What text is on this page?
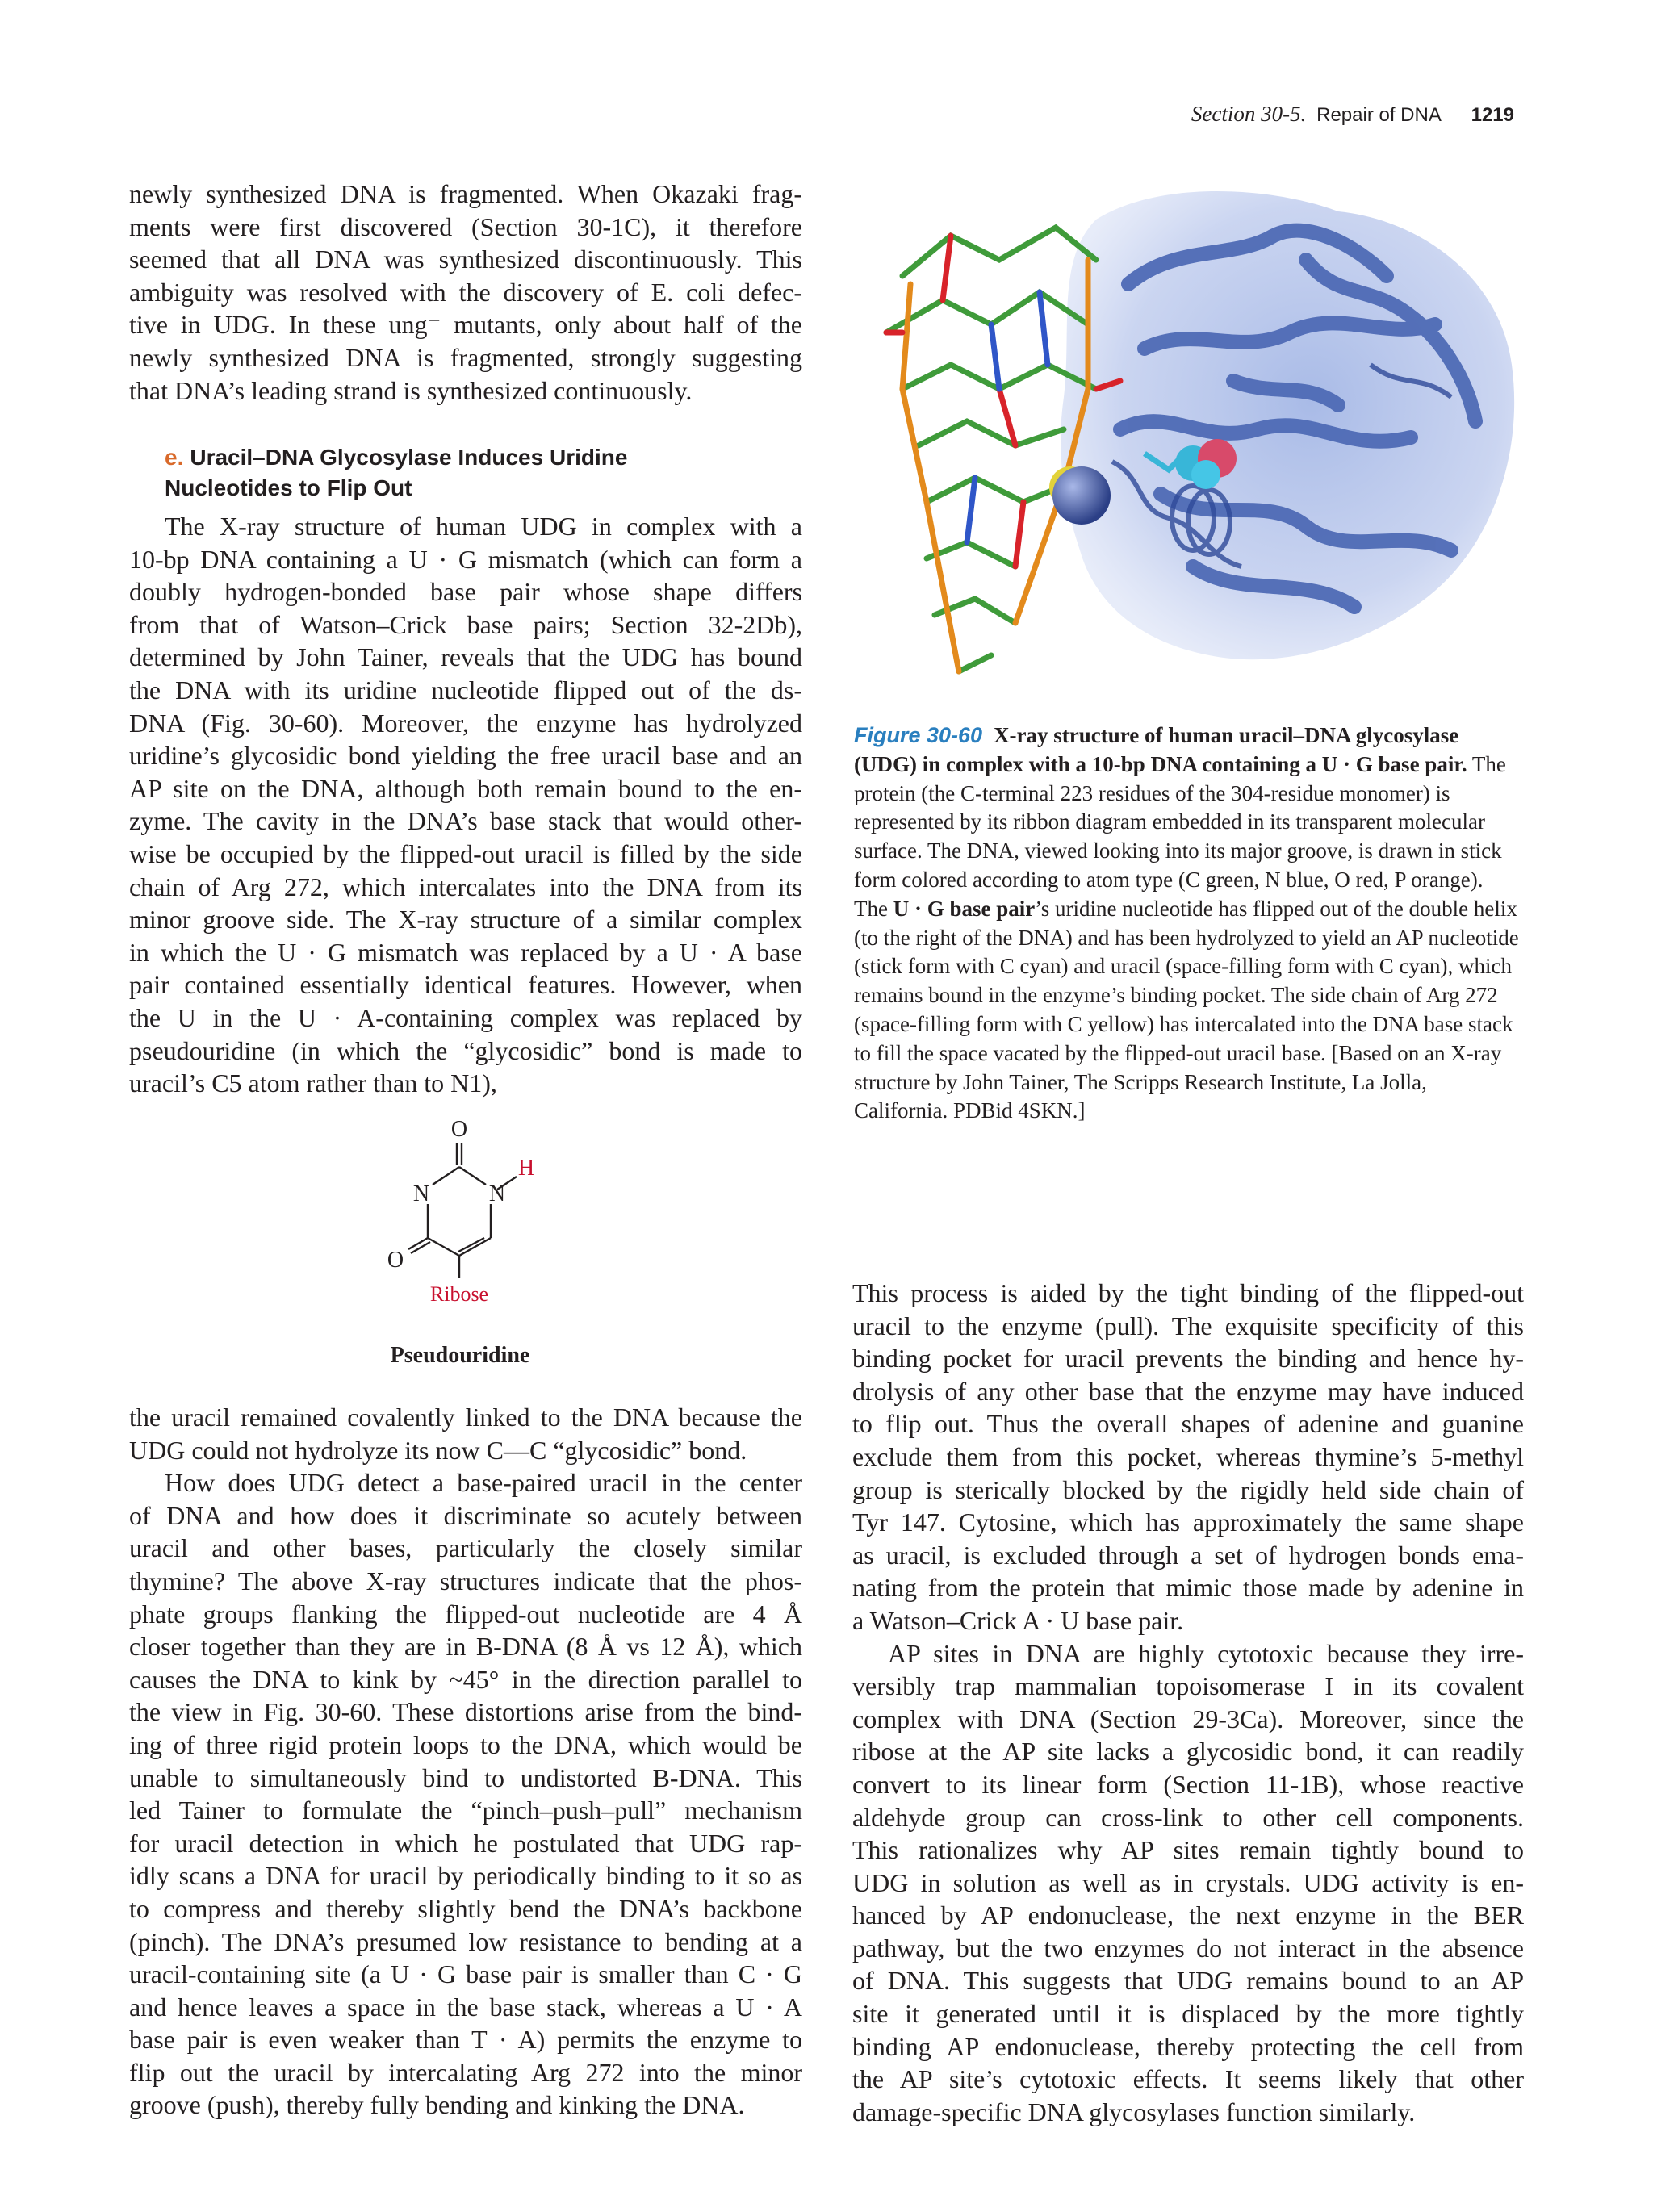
Section 30-5. Repair of DNA 1219
newly synthesized DNA is fragmented. When Okazaki frag-
ments were first discovered (Section 30-1C), it therefore
seemed that all DNA was synthesized discontinuously. This
ambiguity was resolved with the discovery of E. coli defec-
tive in UDG. In these ung⁻ mutants, only about half of the
newly synthesized DNA is fragmented, strongly suggesting
that DNA’s leading strand is synthesized continuously.
e. Uracil–DNA Glycosylase Induces Uridine
Nucleotides to Flip Out
The X-ray structure of human UDG in complex with a
10-bp DNA containing a U · G mismatch (which can form a
doubly hydrogen-bonded base pair whose shape differs
from that of Watson–Crick base pairs; Section 32-2Db),
determined by John Tainer, reveals that the UDG has bound
the DNA with its uridine nucleotide flipped out of the ds-
DNA (Fig. 30-60). Moreover, the enzyme has hydrolyzed
uridine’s glycosidic bond yielding the free uracil base and an
AP site on the DNA, although both remain bound to the en-
zyme. The cavity in the DNA’s base stack that would other-
wise be occupied by the flipped-out uracil is filled by the side
chain of Arg 272, which intercalates into the DNA from its
minor groove side. The X-ray structure of a similar complex
in which the U · G mismatch was replaced by a U · A base
pair contained essentially identical features. However, when
the U in the U · A-containing complex was replaced by
pseudouridine (in which the “glycosidic” bond is made to
uracil’s C5 atom rather than to N1),
O
N	N
H
O
Ribose
Pseudouridine
the uracil remained covalently linked to the DNA because the
UDG could not hydrolyze its now C—C “glycosidic” bond.
How does UDG detect a base-paired uracil in the center
of DNA and how does it discriminate so acutely between
uracil and other bases, particularly the closely similar
thymine? The above X-ray structures indicate that the phos-
phate groups flanking the flipped-out nucleotide are 4 Å
closer together than they are in B-DNA (8 Å vs 12 Å), which
causes the DNA to kink by ~45° in the direction parallel to
the view in Fig. 30-60. These distortions arise from the bind-
ing of three rigid protein loops to the DNA, which would be
unable to simultaneously bind to undistorted B-DNA. This
led Tainer to formulate the “pinch–push–pull” mechanism
for uracil detection in which he postulated that UDG rap-
idly scans a DNA for uracil by periodically binding to it so as
to compress and thereby slightly bend the DNA’s backbone
(pinch). The DNA’s presumed low resistance to bending at a
uracil-containing site (a U · G base pair is smaller than C · G
and hence leaves a space in the base stack, whereas a U · A
base pair is even weaker than T · A) permits the enzyme to
flip out the uracil by intercalating Arg 272 into the minor
groove (push), thereby fully bending and kinking the DNA.
Figure 30-60 X-ray structure of human uracil–DNA glycosylase (UDG) in complex with a 10-bp DNA containing a U · G base pair. The protein (the C-terminal 223 residues of the 304-residue monomer) is represented by its ribbon diagram embedded in its transparent molecular surface. The DNA, viewed looking into its major groove, is drawn in stick form colored according to atom type (C green, N blue, O red, P orange). The U · G base pair’s uridine nucleotide has flipped out of the double helix (to the right of the DNA) and has been hydrolyzed to yield an AP nucleotide (stick form with C cyan) and uracil (space-filling form with C cyan), which remains bound in the enzyme’s binding pocket. The side chain of Arg 272 (space-filling form with C yellow) has intercalated into the DNA base stack to fill the space vacated by the flipped-out uracil base. [Based on an X-ray structure by John Tainer, The Scripps Research Institute, La Jolla, California. PDBid 4SKN.]
This process is aided by the tight binding of the flipped-out
uracil to the enzyme (pull). The exquisite specificity of this
binding pocket for uracil prevents the binding and hence hy-
drolysis of any other base that the enzyme may have induced
to flip out. Thus the overall shapes of adenine and guanine
exclude them from this pocket, whereas thymine’s 5-methyl
group is sterically blocked by the rigidly held side chain of
Tyr 147. Cytosine, which has approximately the same shape
as uracil, is excluded through a set of hydrogen bonds ema-
nating from the protein that mimic those made by adenine in
a Watson–Crick A · U base pair.
AP sites in DNA are highly cytotoxic because they irre-
versibly trap mammalian topoisomerase I in its covalent
complex with DNA (Section 29-3Ca). Moreover, since the
ribose at the AP site lacks a glycosidic bond, it can readily
convert to its linear form (Section 11-1B), whose reactive
aldehyde group can cross-link to other cell components.
This rationalizes why AP sites remain tightly bound to
UDG in solution as well as in crystals. UDG activity is en-
hanced by AP endonuclease, the next enzyme in the BER
pathway, but the two enzymes do not interact in the absence
of DNA. This suggests that UDG remains bound to an AP
site it generated until it is displaced by the more tightly
binding AP endonuclease, thereby protecting the cell from
the AP site’s cytotoxic effects. It seems likely that other
damage-specific DNA glycosylases function similarly.
